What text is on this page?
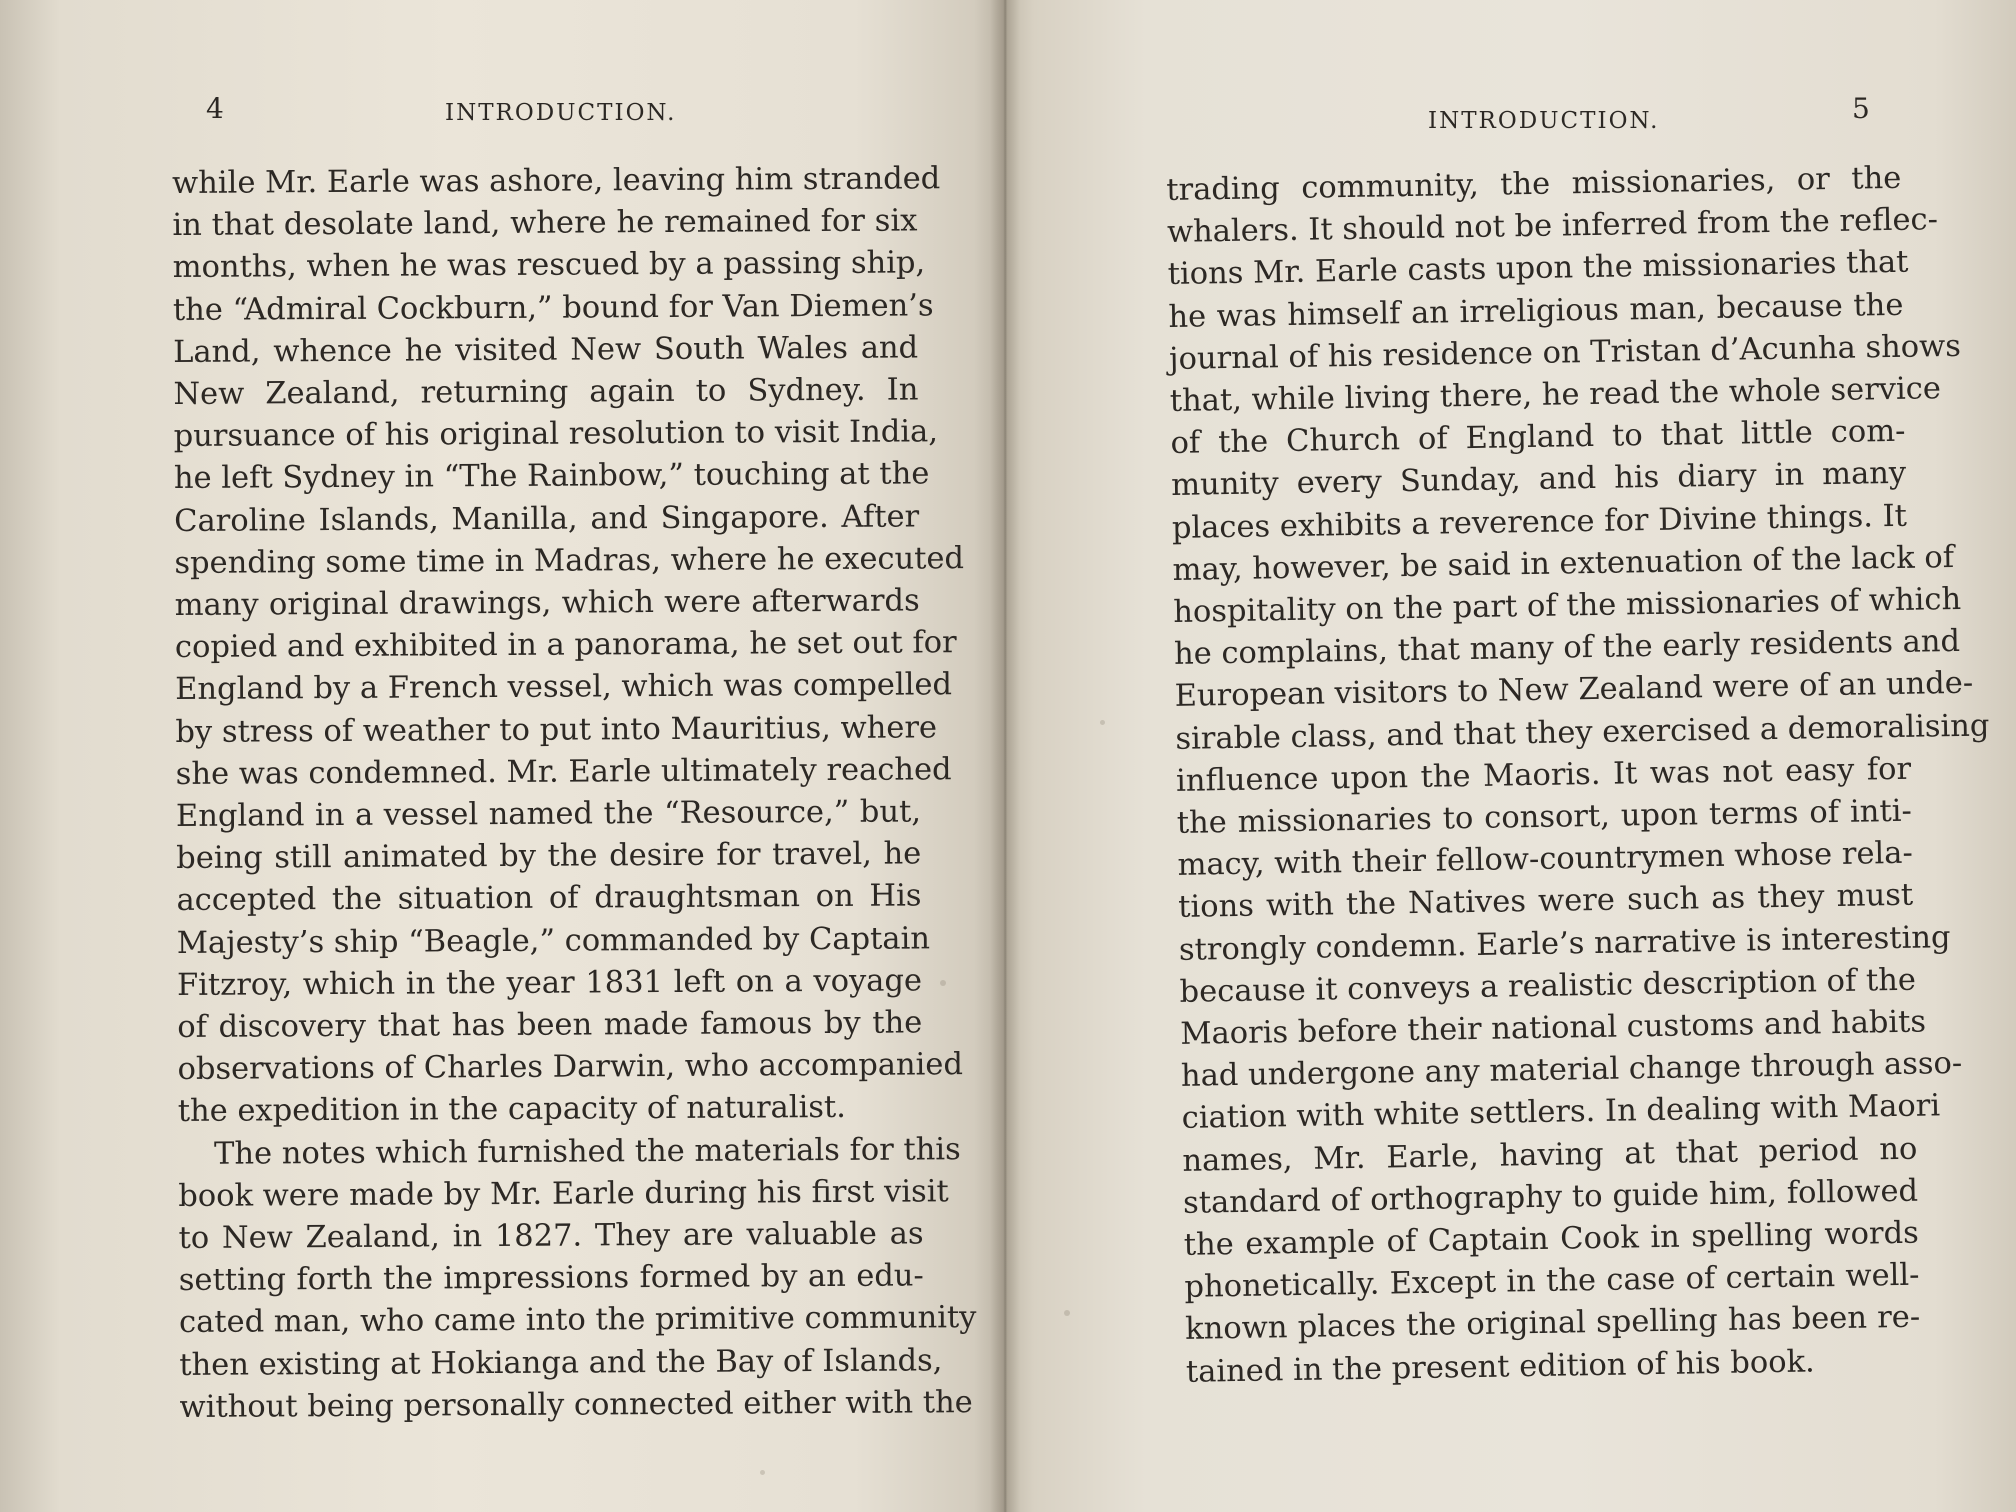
4	INTRODUCTION.
while Mr. Earle was ashore, leaving him stranded
in that desolate land, where he remained for six
months, when he was rescued by a passing ship,
the “Admiral Cockburn,” bound for Van Diemen’s
Land, whence he visited New South Wales and
New Zealand, returning again to Sydney. In
pursuance of his original resolution to visit India,
he left Sydney in “The Rainbow,” touching at the
Caroline Islands, Manilla, and Singapore. After
spending some time in Madras, where he executed
many original drawings, which were afterwards
copied and exhibited in a panorama, he set out for
England by a French vessel, which was compelled
by stress of weather to put into Mauritius, where
she was condemned. Mr. Earle ultimately reached
England in a vessel named the “Resource,” but,
being still animated by the desire for travel, he
accepted the situation of draughtsman on His
Majesty’s ship “Beagle,” commanded by Captain
Fitzroy, which in the year 1831 left on a voyage
of discovery that has been made famous by the
observations of Charles Darwin, who accompanied
the expedition in the capacity of naturalist.
The notes which furnished the materials for this
book were made by Mr. Earle during his first visit
to New Zealand, in 1827. They are valuable as
setting forth the impressions formed by an edu-
cated man, who came into the primitive community
then existing at Hokianga and the Bay of Islands,
without being personally connected either with the
INTRODUCTION.	5
trading community, the missionaries, or the
whalers. It should not be inferred from the reflec-
tions Mr. Earle casts upon the missionaries that
he was himself an irreligious man, because the
journal of his residence on Tristan d’Acunha shows
that, while living there, he read the whole service
of the Church of England to that little com-
munity every Sunday, and his diary in many
places exhibits a reverence for Divine things. It
may, however, be said in extenuation of the lack of
hospitality on the part of the missionaries of which
he complains, that many of the early residents and
European visitors to New Zealand were of an unde-
sirable class, and that they exercised a demoralising
influence upon the Maoris. It was not easy for
the missionaries to consort, upon terms of inti-
macy, with their fellow-countrymen whose rela-
tions with the Natives were such as they must
strongly condemn. Earle’s narrative is interesting
because it conveys a realistic description of the
Maoris before their national customs and habits
had undergone any material change through asso-
ciation with white settlers. In dealing with Maori
names, Mr. Earle, having at that period no
standard of orthography to guide him, followed
the example of Captain Cook in spelling words
phonetically. Except in the case of certain well-
known places the original spelling has been re-
tained in the present edition of his book.
